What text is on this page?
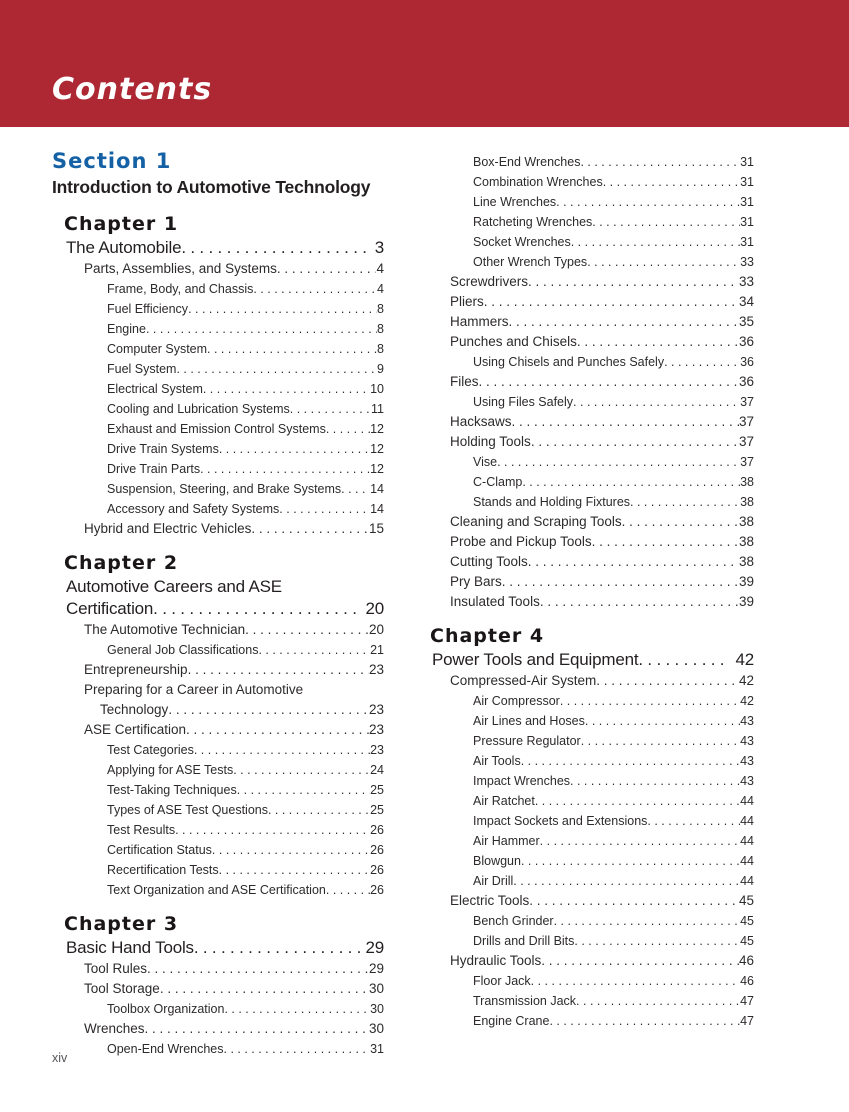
Contents
Section 1
Introduction to Automotive Technology
Chapter 1
The Automobile . . .	3
Parts, Assemblies, and Systems . . .	4
Frame, Body, and Chassis . . .	4
Fuel Efficiency . . .	8
Engine . . .	8
Computer System . . .	8
Fuel System . . .	9
Electrical System . . .	10
Cooling and Lubrication Systems . . .	11
Exhaust and Emission Control Systems . . .	12
Drive Train Systems . . .	12
Drive Train Parts . . .	12
Suspension, Steering, and Brake Systems . . . 14
Accessory and Safety Systems . . .	14
Hybrid and Electric Vehicles . . .	15
Chapter 2
Automotive Careers and ASE
Certification . . .	20
The Automotive Technician . . .	20
General Job Classifications . . .	21
Entrepreneurship . . .	23
Preparing for a Career in Automotive
Technology . . .	23
ASE Certification . . .	23
Test Categories . . .	23
Applying for ASE Tests . . .	24
Test-Taking Techniques . . .	25
Types of ASE Test Questions . . .	25
Test Results . . .	26
Certification Status . . .	26
Recertification Tests . . .	26
Text Organization and ASE Certification . . .	26
Chapter 3
Basic Hand Tools . . .	29
Tool Rules . . .	29
Tool Storage . . .	30
Toolbox Organization . . .	30
Wrenches . . .	30
Open-End Wrenches . . .	31
Box-End Wrenches . . .	31
Combination Wrenches . . .	31
Line Wrenches . . .	31
Ratcheting Wrenches . . .	31
Socket Wrenches . . .	31
Other Wrench Types . . .	33
Screwdrivers . . .	33
Pliers . . .	34
Hammers . . .	35
Punches and Chisels . . .	36
Using Chisels and Punches Safely . . .	36
Files . . .	36
Using Files Safely . . .	37
Hacksaws . . .	37
Holding Tools . . .	37
Vise . . .	37
C-Clamp . . .	38
Stands and Holding Fixtures . . .	38
Cleaning and Scraping Tools . . .	38
Probe and Pickup Tools . . .	38
Cutting Tools . . .	38
Pry Bars . . .	39
Insulated Tools . . .	39
Chapter 4
Power Tools and Equipment . . .	42
Compressed-Air System . . .	42
Air Compressor . . .	42
Air Lines and Hoses . . .	43
Pressure Regulator . . .	43
Air Tools . . .	43
Impact Wrenches . . .	43
Air Ratchet . . .	44
Impact Sockets and Extensions . . .	44
Air Hammer . . .	44
Blowgun . . .	44
Air Drill . . .	44
Electric Tools . . .	45
Bench Grinder . . .	45
Drills and Drill Bits . . .	45
Hydraulic Tools . . .	46
Floor Jack . . .	46
Transmission Jack . . .	47
Engine Crane . . .	47
xiv
